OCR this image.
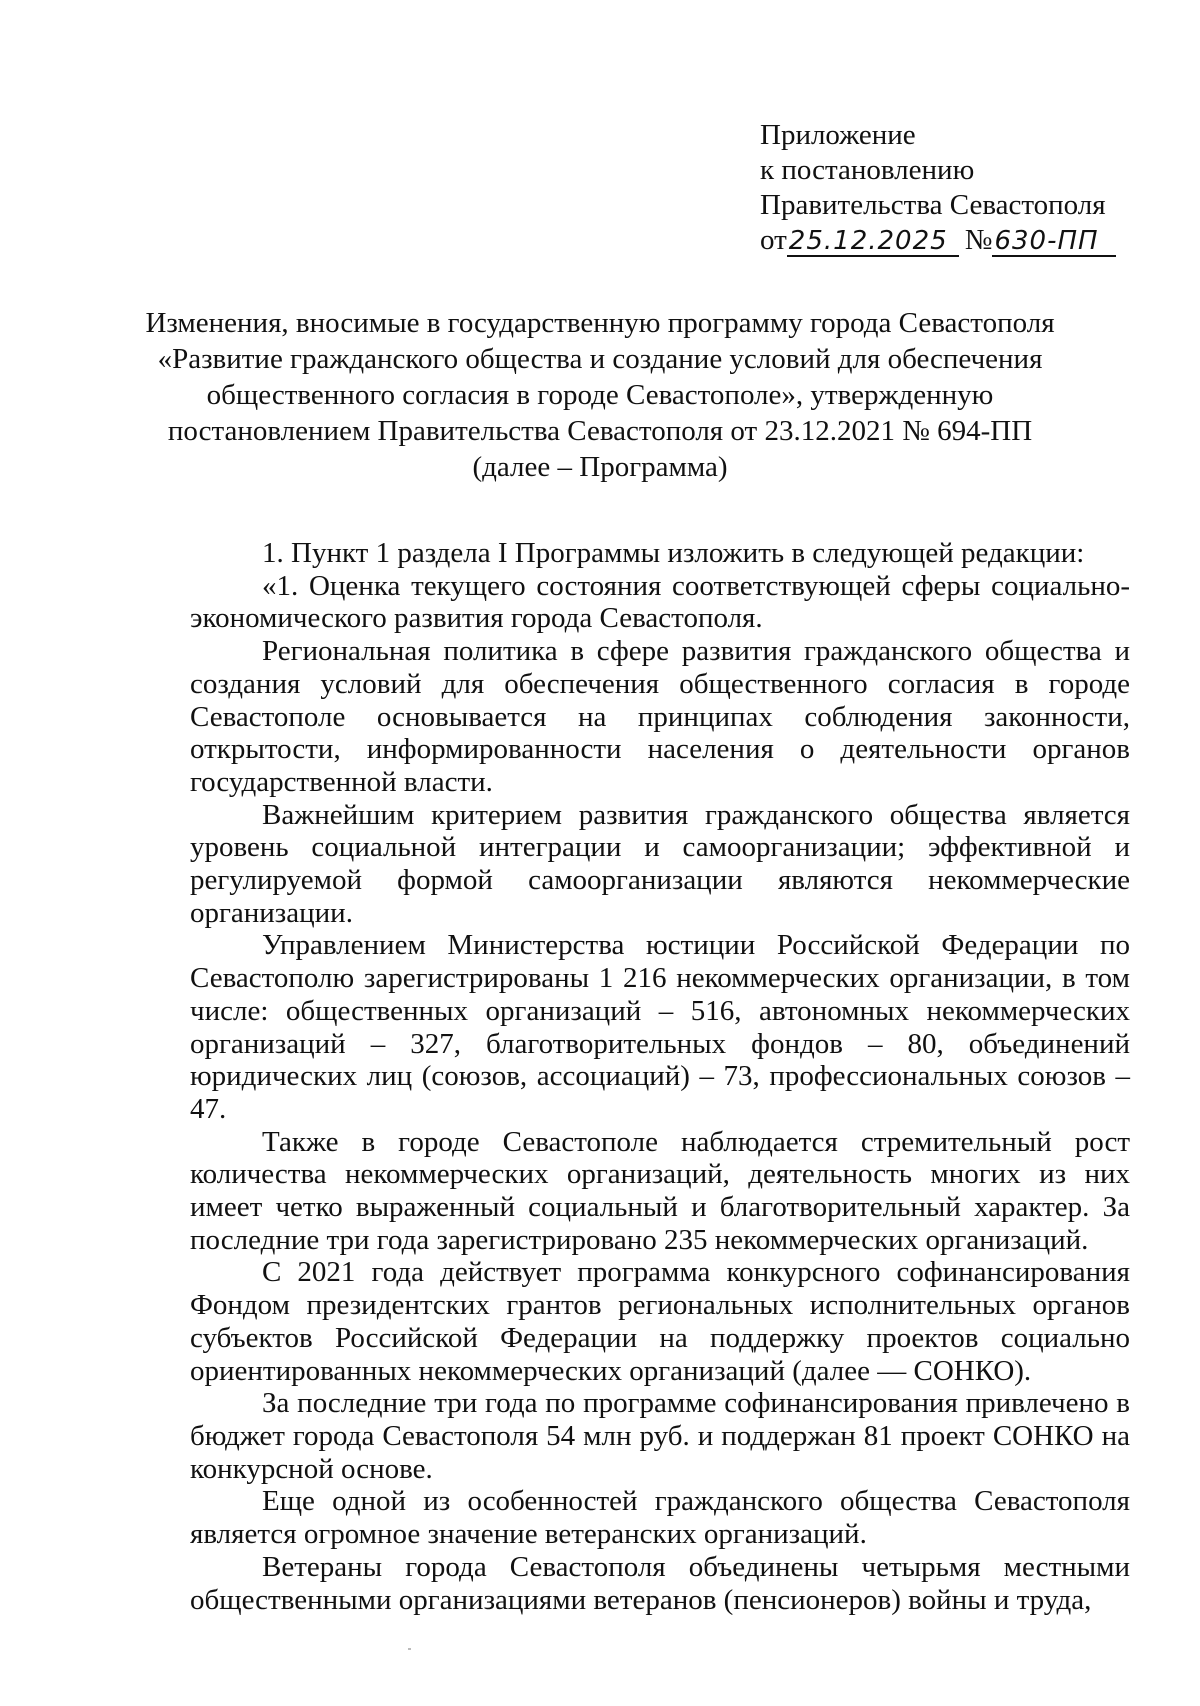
Приложение
к постановлению
Правительства Севастополя
от 25.12.2025 № 630-ПП
Изменения, вносимые в государственную программу города Севастополя
«Развитие гражданского общества и создание условий для обеспечения
общественного согласия в городе Севастополе», утвержденную
постановлением Правительства Севастополя от 23.12.2021 № 694-ПП
(далее – Программа)

1. Пункт 1 раздела I Программы изложить в следующей редакции:

«1. Оценка текущего состояния соответствующей сферы социально-экономического развития города Севастополя.

Региональная политика в сфере развития гражданского общества и создания условий для обеспечения общественного согласия в городе Севастополе основывается на принципах соблюдения законности, открытости, информированности населения о деятельности органов государственной власти.

Важнейшим критерием развития гражданского общества является уровень социальной интеграции и самоорганизации; эффективной и регулируемой формой самоорганизации являются некоммерческие организации.

Управлением Министерства юстиции Российской Федерации по Севастополю зарегистрированы 1 216 некоммерческих организации, в том числе: общественных организаций – 516, автономных некоммерческих организаций – 327, благотворительных фондов – 80, объединений юридических лиц (союзов, ассоциаций) – 73, профессиональных союзов – 47.

Также в городе Севастополе наблюдается стремительный рост количества некоммерческих организаций, деятельность многих из них имеет четко выраженный социальный и благотворительный характер. За последние три года зарегистрировано 235 некоммерческих организаций.

С 2021 года действует программа конкурсного софинансирования Фондом президентских грантов региональных исполнительных органов субъектов Российской Федерации на поддержку проектов социально ориентированных некоммерческих организаций (далее — СОНКО).

За последние три года по программе софинансирования привлечено в бюджет города Севастополя 54 млн руб. и поддержан 81 проект СОНКО на конкурсной основе.

Еще одной из особенностей гражданского общества Севастополя является огромное значение ветеранских организаций.

Ветераны города Севастополя объединены четырьмя местными общественными организациями ветеранов (пенсионеров) войны и труда,
